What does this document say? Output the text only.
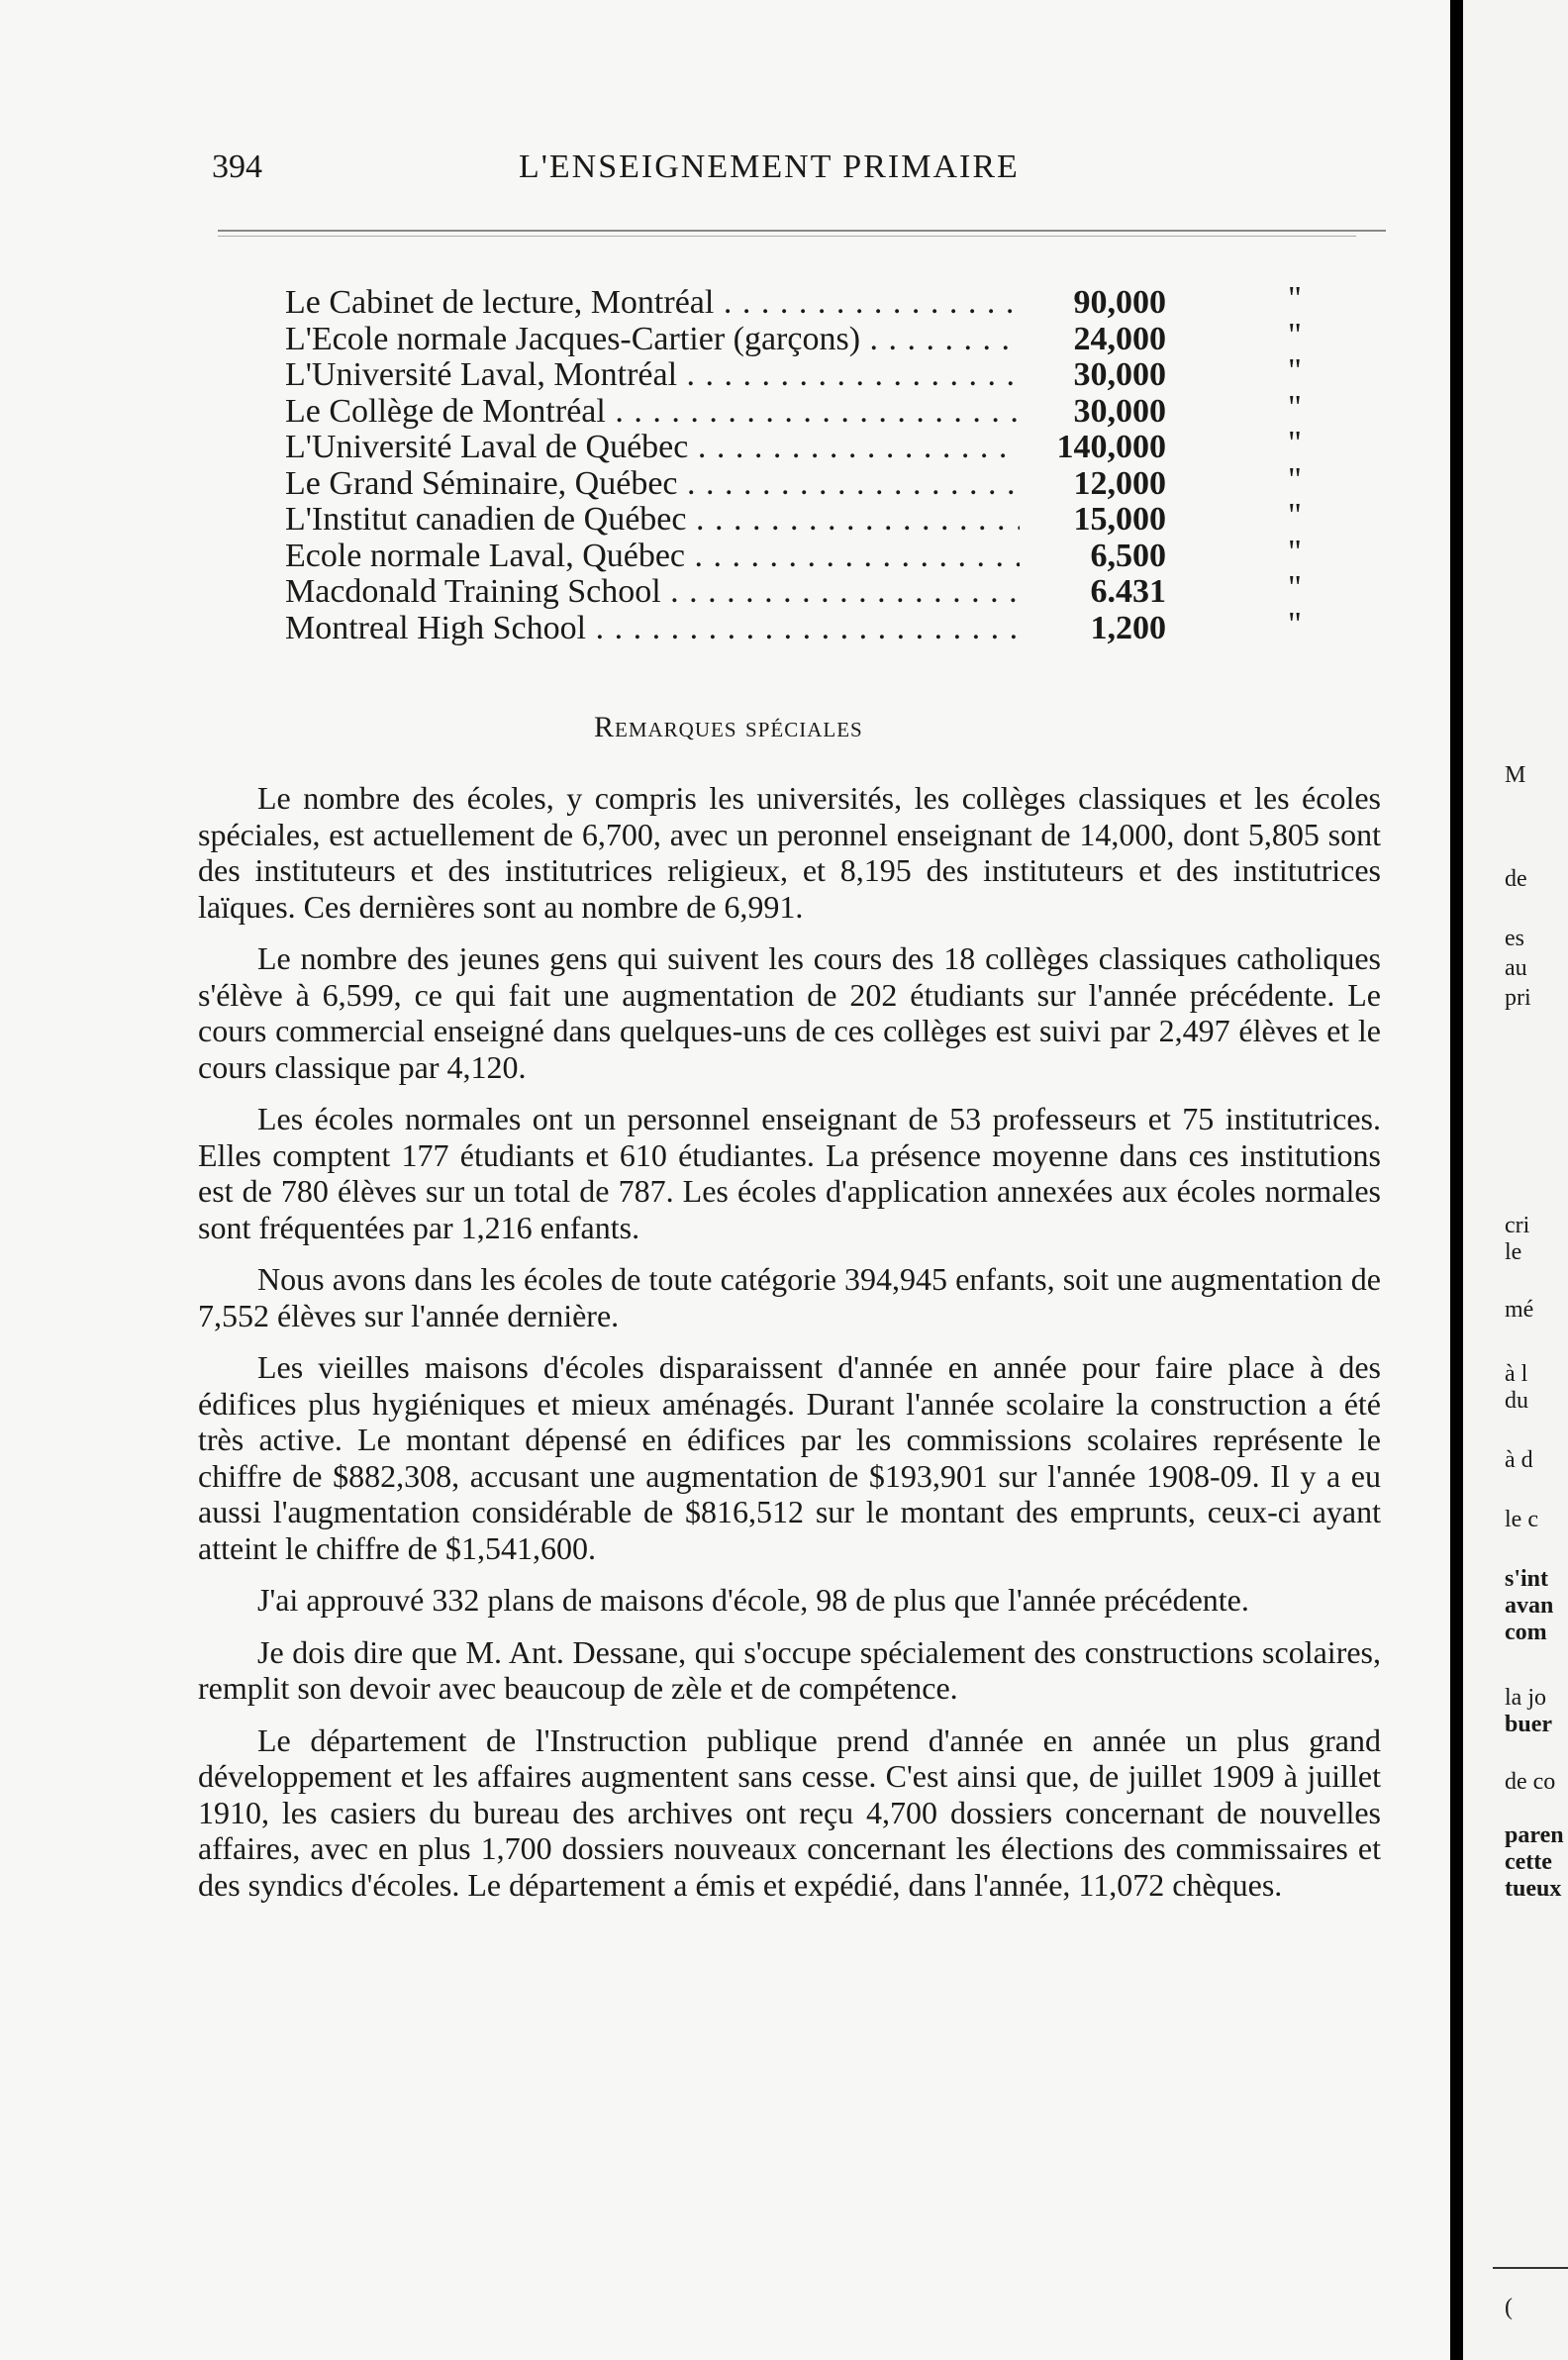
394	L'ENSEIGNEMENT PRIMAIRE
Le Cabinet de lecture, Montréal . . .	90,000	"
L'Ecole normale Jacques-Cartier (garçons) . . .	24,000	"
L'Université Laval, Montréal . . .	30,000	"
Le Collège de Montréal . . .	30,000	"
L'Université Laval de Québec . . .	140,000	"
Le Grand Séminaire, Québec . . .	12,000	"
L'Institut canadien de Québec . . .	15,000	"
Ecole normale Laval, Québec . . .	6,500	"
Macdonald Training School . . .	6.431	"
Montreal High School . . .	1,200	"
Remarques spéciales

Le nombre des écoles, y compris les universités, les collèges classiques et les écoles spéciales, est actuellement de 6,700, avec un peronnel enseignant de 14,000, dont 5,805 sont des instituteurs et des institutrices religieux, et 8,195 des instituteurs et des institutrices laïques. Ces dernières sont au nombre de 6,991.

Le nombre des jeunes gens qui suivent les cours des 18 collèges classiques catholiques s'élève à 6,599, ce qui fait une augmentation de 202 étudiants sur l'année précédente. Le cours commercial enseigné dans quelques-uns de ces collèges est suivi par 2,497 élèves et le cours classique par 4,120.

Les écoles normales ont un personnel enseignant de 53 professeurs et 75 institutrices. Elles comptent 177 étudiants et 610 étudiantes. La présence moyenne dans ces institutions est de 780 élèves sur un total de 787. Les écoles d'application annexées aux écoles normales sont fréquentées par 1,216 enfants.

Nous avons dans les écoles de toute catégorie 394,945 enfants, soit une augmentation de 7,552 élèves sur l'année dernière.

Les vieilles maisons d'écoles disparaissent d'année en année pour faire place à des édifices plus hygiéniques et mieux aménagés. Durant l'année scolaire la construction a été très active. Le montant dépensé en édifices par les commissions scolaires représente le chiffre de $882,308, accusant une augmentation de $193,901 sur l'année 1908-09. Il y a eu aussi l'augmentation considérable de $816,512 sur le montant des emprunts, ceux-ci ayant atteint le chiffre de $1,541,600.

J'ai approuvé 332 plans de maisons d'école, 98 de plus que l'année précédente.

Je dois dire que M. Ant. Dessane, qui s'occupe spécialement des constructions scolaires, remplit son devoir avec beaucoup de zèle et de compétence.

Le département de l'Instruction publique prend d'année en année un plus grand développement et les affaires augmentent sans cesse. C'est ainsi que, de juillet 1909 à juillet 1910, les casiers du bureau des archives ont reçu 4,700 dossiers concernant de nouvelles affaires, avec en plus 1,700 dossiers nouveaux concernant les élections des commissaires et des syndics d'écoles. Le département a émis et expédié, dans l'année, 11,072 chèques.

M
de
es
au
pri
cri
le
mé
à l
du
à d
le c
s'int
avan
com
la jo
buer
de co
paren
cette
tueux
(
